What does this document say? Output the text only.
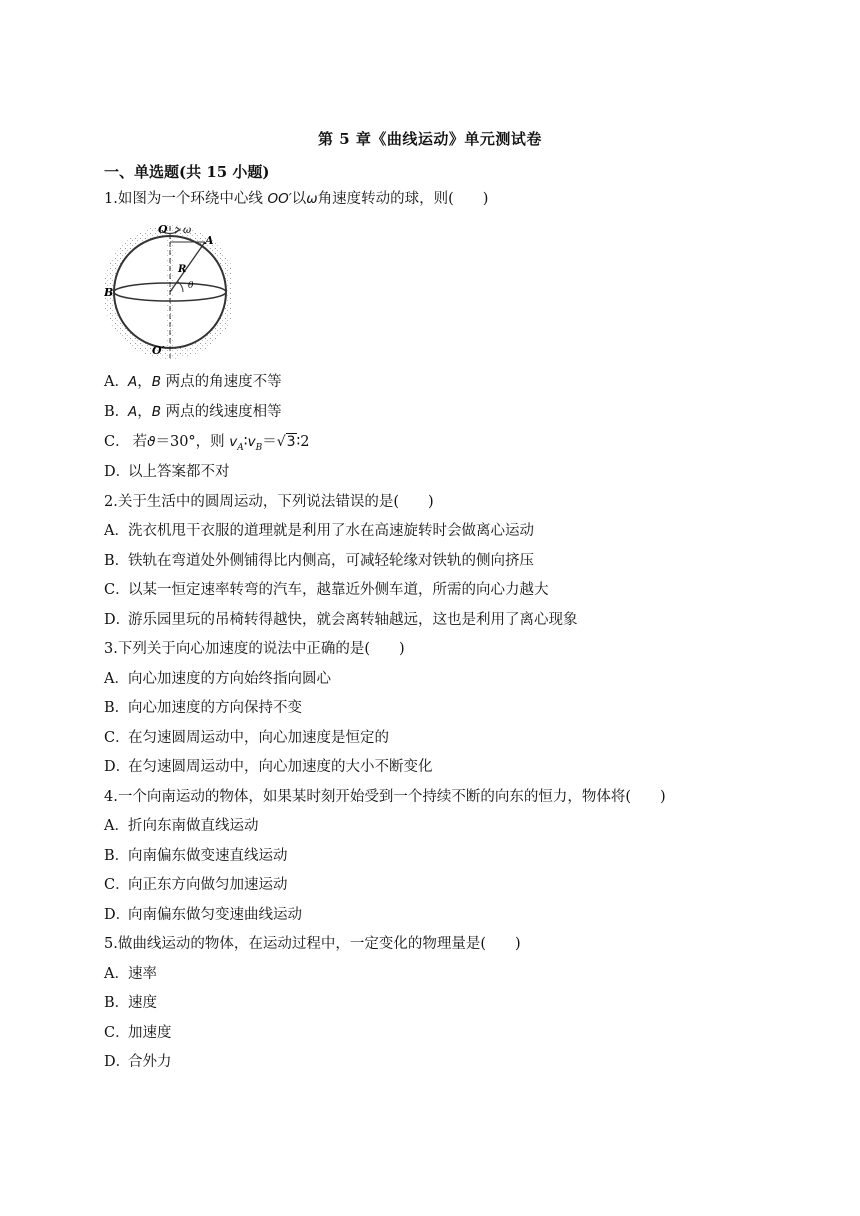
第 5 章《曲线运动》单元测试卷
一、单选题(共 15 小题)
1.如图为一个环绕中心线 OO′以ω角速度转动的球，则(　　)
O ω
A
R
θ
B
O′
A．A，B 两点的角速度不等
B．A，B 两点的线速度相等
C． 若ϑ＝30°，则 $v_A∶v_B=√3∶2$
D．以上答案都不对
2.关于生活中的圆周运动，下列说法错误的是(　　)
A．洗衣机甩干衣服的道理就是利用了水在高速旋转时会做离心运动
B．铁轨在弯道处外侧铺得比内侧高，可减轻轮缘对铁轨的侧向挤压
C．以某一恒定速率转弯的汽车，越靠近外侧车道，所需的向心力越大
D．游乐园里玩的吊椅转得越快，就会离转轴越远，这也是利用了离心现象
3.下列关于向心加速度的说法中正确的是(　　)
A．向心加速度的方向始终指向圆心
B．向心加速度的方向保持不变
C．在匀速圆周运动中，向心加速度是恒定的
D．在匀速圆周运动中，向心加速度的大小不断变化
4.一个向南运动的物体，如果某时刻开始受到一个持续不断的向东的恒力，物体将(　　)
A．折向东南做直线运动
B．向南偏东做变速直线运动
C．向正东方向做匀加速运动
D．向南偏东做匀变速曲线运动
5.做曲线运动的物体，在运动过程中，一定变化的物理量是(　　)
A．速率
B．速度
C．加速度
D．合外力
